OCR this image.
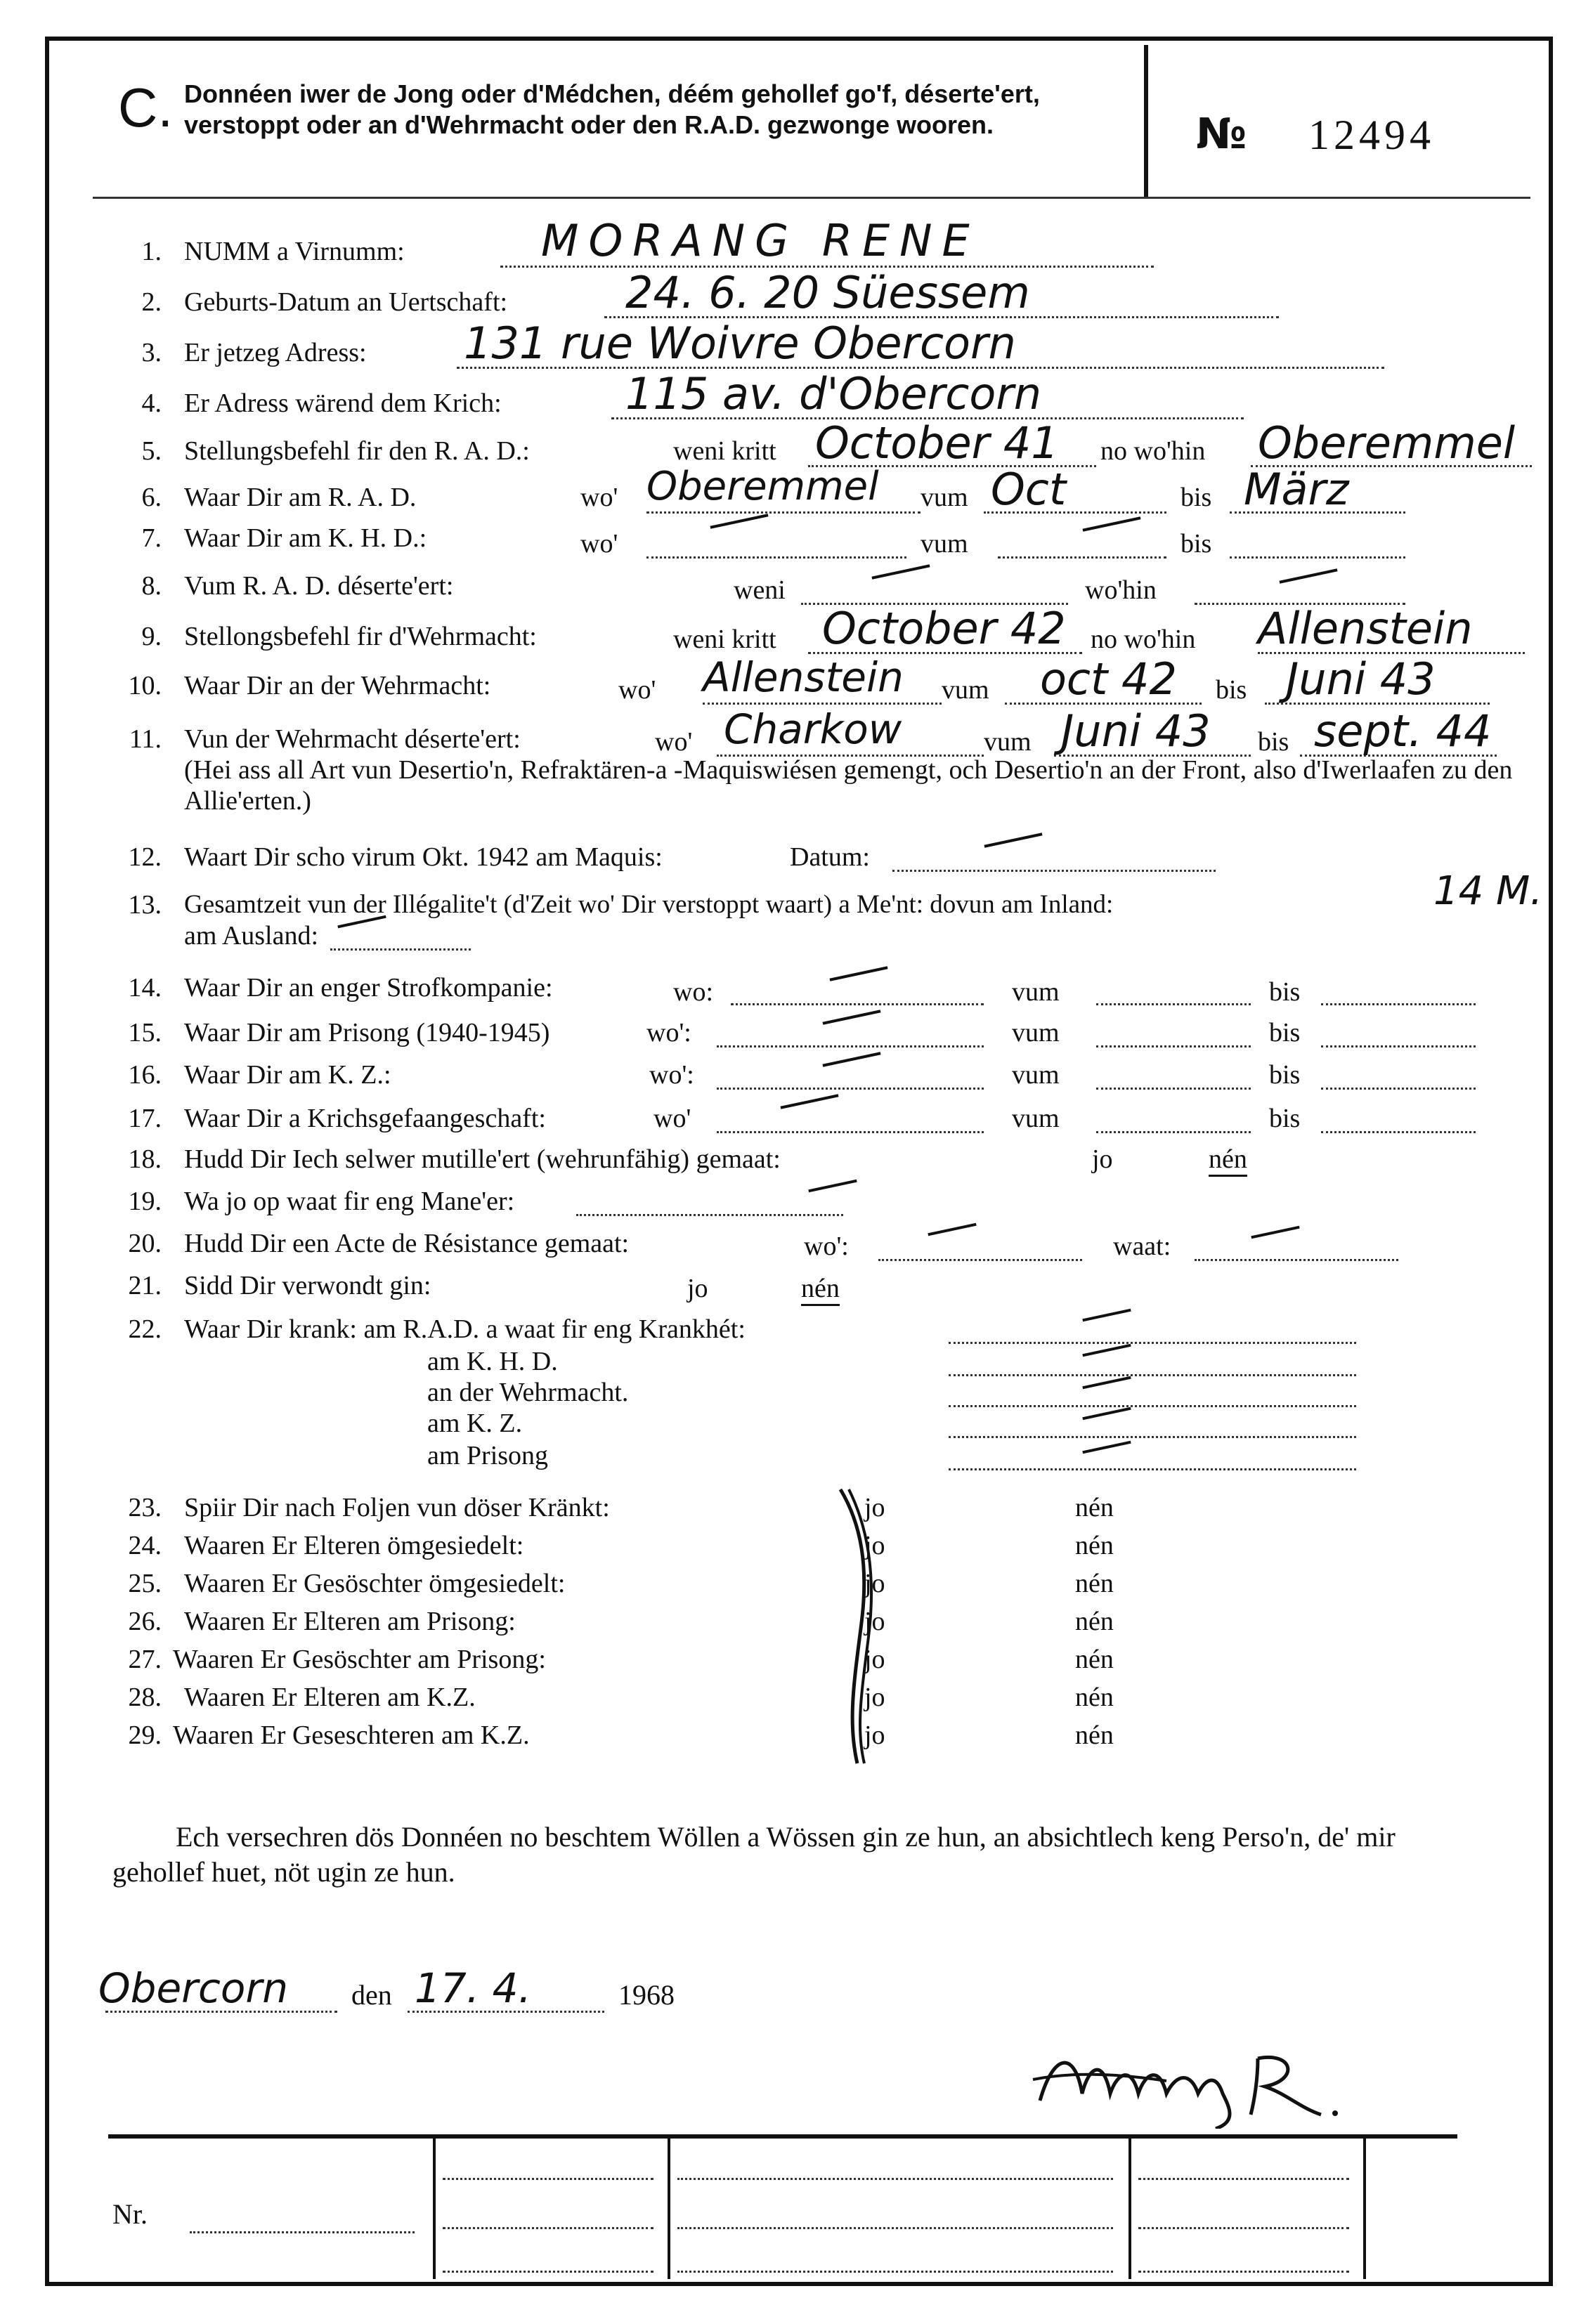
C. Donnéen iwer de Jong oder d'Médchen, déém gehollef go'f, déserte'ert, verstoppt oder an d'Wehrmacht oder den R.A.D. gezwonge wooren.	№ 12494
1. NUMM a Virnumm:	MORANG RENE
2. Geburts-Datum an Uertschaft:	24. 6. 20 Süessem
3. Er jetzeg Adress: 131 rue Woivre Obercorn
4. Er Adress wärend dem Krich:	115 av. d'Obercorn
5. Stellungsbefehl fir den R. A. D.:	weni kritt October 41 no wo'hin Oberemmel
6. Waar Dir am R. A. D.	wo' Oberemmel vum Oct	bis März
7. Waar Dir am K. H. D.:	wo'	vum	bis
8. Vum R. A. D. déserte'ert:	weni	wo'hin
9. Stellongsbefehl fir d'Wehrmacht:	weni kritt October 42 no wo'hin Allenstein
10. Waar Dir an der Wehrmacht:	wo' Allenstein vum oct 42 bis Juni 43
11. Vun der Wehrmacht déserte'ert:	wo' Charkow	vum Juni 43 bis sept. 44
(Hei ass all Art vun Desertio'n, Refraktären-a -Maquiswiésen gemengt, och Desertio'n an der Front, also d'Iwerlaafen zu den Allie'erten.)
12. Waart Dir scho virum Okt. 1942 am Maquis:	Datum:
13. Gesamtzeit vun der Illégalite't (d'Zeit wo' Dir verstoppt waart) a Me'nt: dovun am Inland:	14 M.
am Ausland:
14. Waar Dir an enger Strofkompanie:	wo:	vum	bis
15. Waar Dir am Prisong (1940-1945)	wo':	vum	bis
16. Waar Dir am K. Z.:	wo':	vum	bis
17. Waar Dir a Krichsgefaangeschaft:	wo'	vum	bis
18. Hudd Dir Iech selwer mutille'ert (wehrunfähig) gemaat:	jo	nén
19. Wa jo op waat fir eng Mane'er:
20. Hudd Dir een Acte de Résistance gemaat:	wo':	waat:
21. Sidd Dir verwondt gin:	jo	nén
22. Waar Dir krank: am R.A.D. a waat fir eng Krankhét:
am K. H. D.
an der Wehrmacht.
am K. Z.
am Prisong
23. Spiir Dir nach Foljen vun döser Kränkt:	jo	nén
24. Waaren Er Elteren ömgesiedelt:	jo	nén
25. Waaren Er Gesöschter ömgesiedelt:	jo	nén
26. Waaren Er Elteren am Prisong:	jo	nén
27. Waaren Er Gesöschter am Prisong:	jo	nén
28. Waaren Er Elteren am K.Z.	jo	nén
29. Waaren Er Geseschteren am K.Z.	jo	nén
Ech versechren dös Donnéen no beschtem Wöllen a Wössen gin ze hun, an absichtlech keng Perso'n, de' mir gehollef huet, nöt ugin ze hun.
Obercorn den 17. 4.	1968
Nr.
